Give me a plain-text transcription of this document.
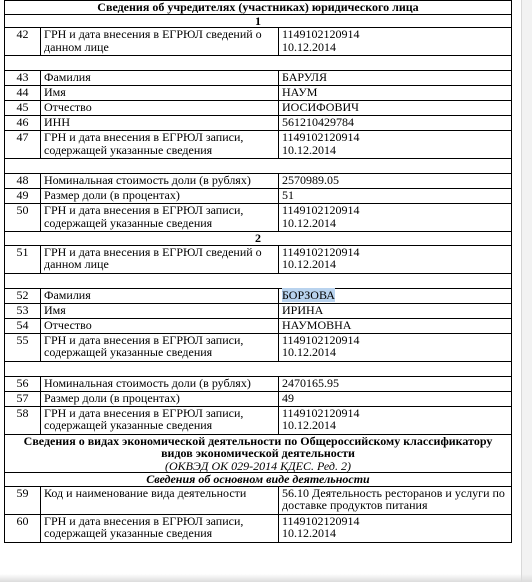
Сведения об учредителях (участниках) юридического лица		
1		
42	ГРН и дата внесения в ЕГРЮЛ сведений о данном лице	1149102120914
10.12.2014

43	Фамилия	БАРУЛЯ
44	Имя	НАУМ
45	Отчество	ИОСИФОВИЧ
46	ИНН	561210429784
47	ГРН и дата внесения в ЕГРЮЛ записи, содержащей указанные сведения	1149102120914
10.12.2014

48	Номинальная стоимость доли (в рублях)	2570989.05
49	Размер доли (в процентах)	51
50	ГРН и дата внесения в ЕГРЮЛ записи, содержащей указанные сведения	1149102120914
10.12.2014

2		
51	ГРН и дата внесения в ЕГРЮЛ сведений о данном лице	1149102120914
10.12.2014

52	Фамилия	БОРЗОВА
53	Имя	ИРИНА
54	Отчество	НАУМОВНА
55	ГРН и дата внесения в ЕГРЮЛ записи, содержащей указанные сведения	1149102120914
10.12.2014

56	Номинальная стоимость доли (в рублях)	2470165.95
57	Размер доли (в процентах)	49
58	ГРН и дата внесения в ЕГРЮЛ записи, содержащей указанные сведения	1149102120914
10.12.2014

Сведения о видах экономической деятельности по Общероссийскому классификатору
видов экономической деятельности
(ОКВЭД ОК 029-2014 КДЕС. Ред. 2)		

Сведения об основном виде деятельности		
59	Код и наименование вида деятельности	56.10 Деятельность ресторанов и услуги по доставке продуктов питания
60	ГРН и дата внесения в ЕГРЮЛ записи, содержащей указанные сведения	1149102120914
10.12.2014
